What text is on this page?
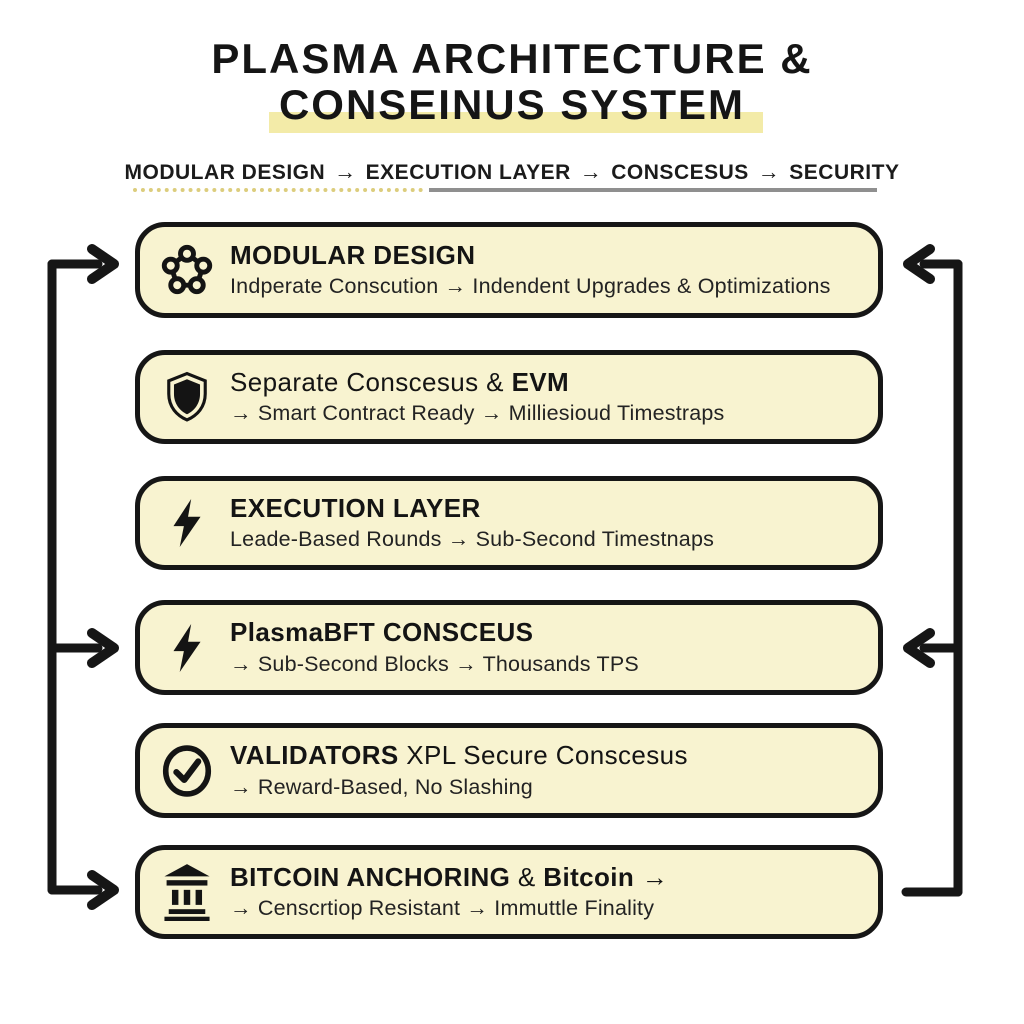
PLASMA ARCHITECTURE &
CONSEINUS SYSTEM
MODULAR DESIGN → EXECUTION LAYER → CONSCESUS → SECURITY
MODULAR DESIGN
Indperate Conscution → Indendent Upgrades & Optimizations
Separate Conscesus & EVM
→ Smart Contract Ready → Milliesioud Timestraps
EXECUTION LAYER
Leade-Based Rounds → Sub-Second Timestnaps
PlasmaBFT CONSCEUS
→ Sub-Second Blocks → Thousands TPS
VALIDATORS XPL Secure Conscesus
→ Reward-Based, No Slashing
BITCOIN ANCHORING & Bitcoin →
→ Censcrtiop Resistant → Immuttle Finality
